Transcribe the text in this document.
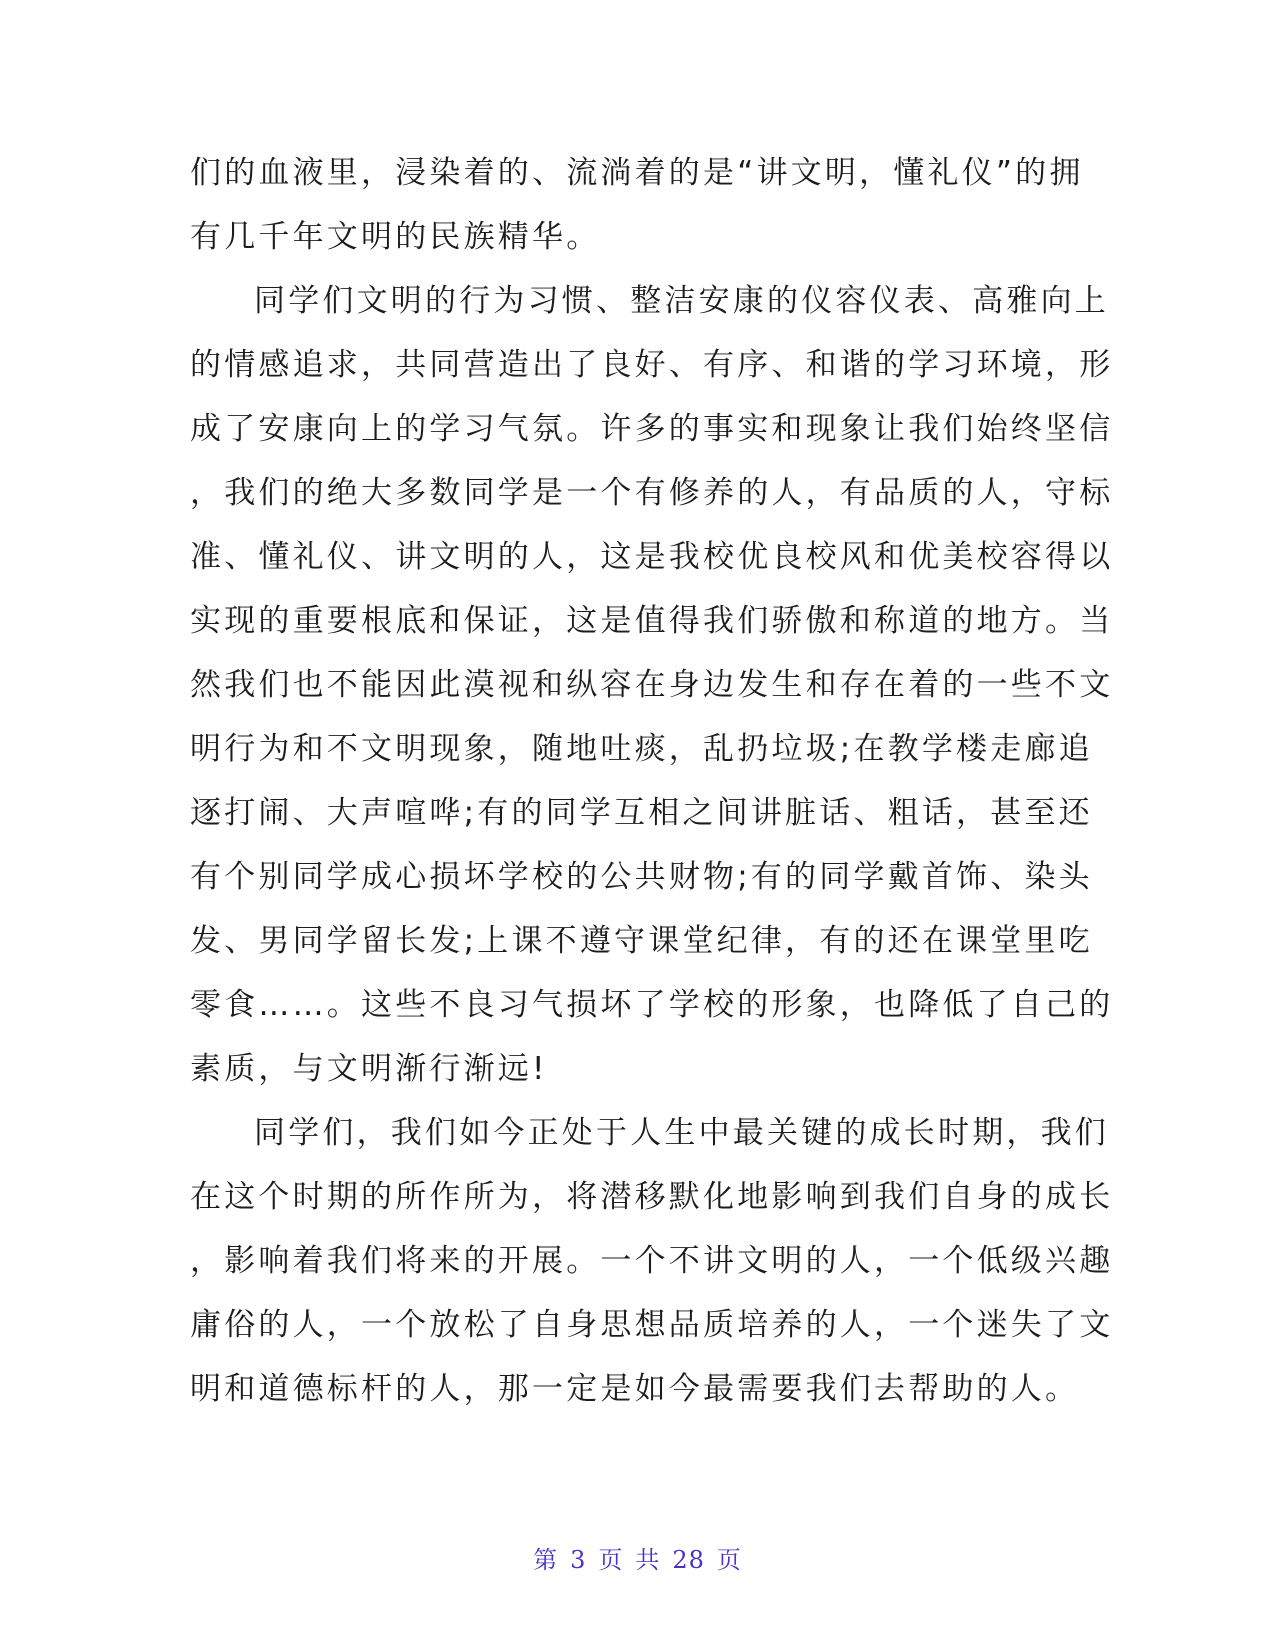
们的血液里，浸染着的、流淌着的是“讲文明，懂礼仪”的拥
有几千年文明的民族精华。
同学们文明的行为习惯、整洁安康的仪容仪表、高雅向上
的情感追求，共同营造出了良好、有序、和谐的学习环境，形
成了安康向上的学习气氛。许多的事实和现象让我们始终坚信
，我们的绝大多数同学是一个有修养的人，有品质的人，守标
准、懂礼仪、讲文明的人，这是我校优良校风和优美校容得以
实现的重要根底和保证，这是值得我们骄傲和称道的地方。当
然我们也不能因此漠视和纵容在身边发生和存在着的一些不文
明行为和不文明现象，随地吐痰，乱扔垃圾;在教学楼走廊追
逐打闹、大声喧哗;有的同学互相之间讲脏话、粗话，甚至还
有个别同学成心损坏学校的公共财物;有的同学戴首饰、染头
发、男同学留长发;上课不遵守课堂纪律，有的还在课堂里吃
零食……。这些不良习气损坏了学校的形象，也降低了自己的
素质，与文明渐行渐远!
同学们，我们如今正处于人生中最关键的成长时期，我们
在这个时期的所作所为，将潜移默化地影响到我们自身的成长
，影响着我们将来的开展。一个不讲文明的人，一个低级兴趣
庸俗的人，一个放松了自身思想品质培养的人，一个迷失了文
明和道德标杆的人，那一定是如今最需要我们去帮助的人。
第 3 页 共 28 页
